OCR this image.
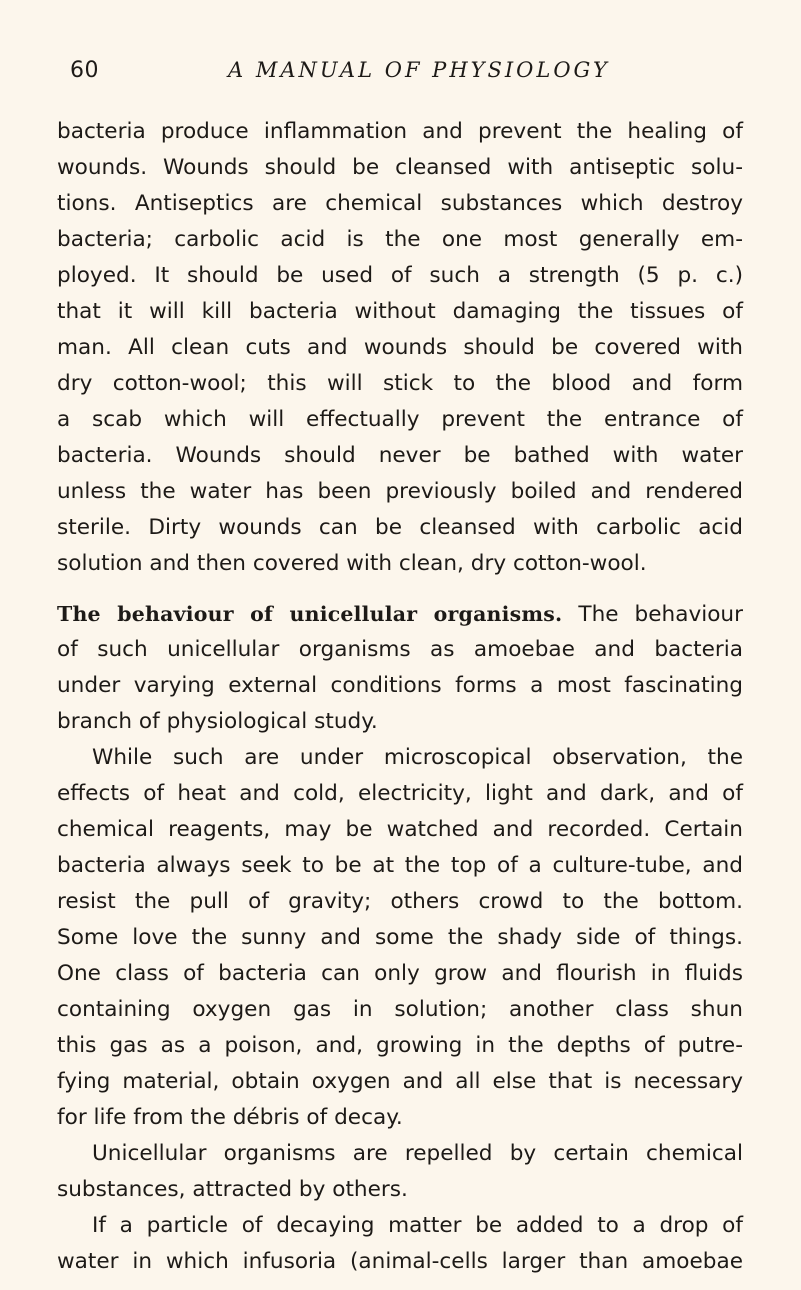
60	A MANUAL OF PHYSIOLOGY
bacteria produce inflammation and prevent the healing of
wounds. Wounds should be cleansed with antiseptic solu-
tions. Antiseptics are chemical substances which destroy
bacteria; carbolic acid is the one most generally em-
ployed. It should be used of such a strength (5 p. c.)
that it will kill bacteria without damaging the tissues of
man. All clean cuts and wounds should be covered with
dry cotton-wool; this will stick to the blood and form
a scab which will effectually prevent the entrance of
bacteria. Wounds should never be bathed with water
unless the water has been previously boiled and rendered
sterile. Dirty wounds can be cleansed with carbolic acid
solution and then covered with clean, dry cotton-wool.
The behaviour of unicellular organisms. The behaviour
of such unicellular organisms as amoebae and bacteria
under varying external conditions forms a most fascinating
branch of physiological study.
While such are under microscopical observation, the
effects of heat and cold, electricity, light and dark, and of
chemical reagents, may be watched and recorded. Certain
bacteria always seek to be at the top of a culture-tube, and
resist the pull of gravity; others crowd to the bottom.
Some love the sunny and some the shady side of things.
One class of bacteria can only grow and flourish in fluids
containing oxygen gas in solution; another class shun
this gas as a poison, and, growing in the depths of putre-
fying material, obtain oxygen and all else that is necessary
for life from the débris of decay.
Unicellular organisms are repelled by certain chemical
substances, attracted by others.
If a particle of decaying matter be added to a drop of
water in which infusoria (animal-cells larger than amoebae
